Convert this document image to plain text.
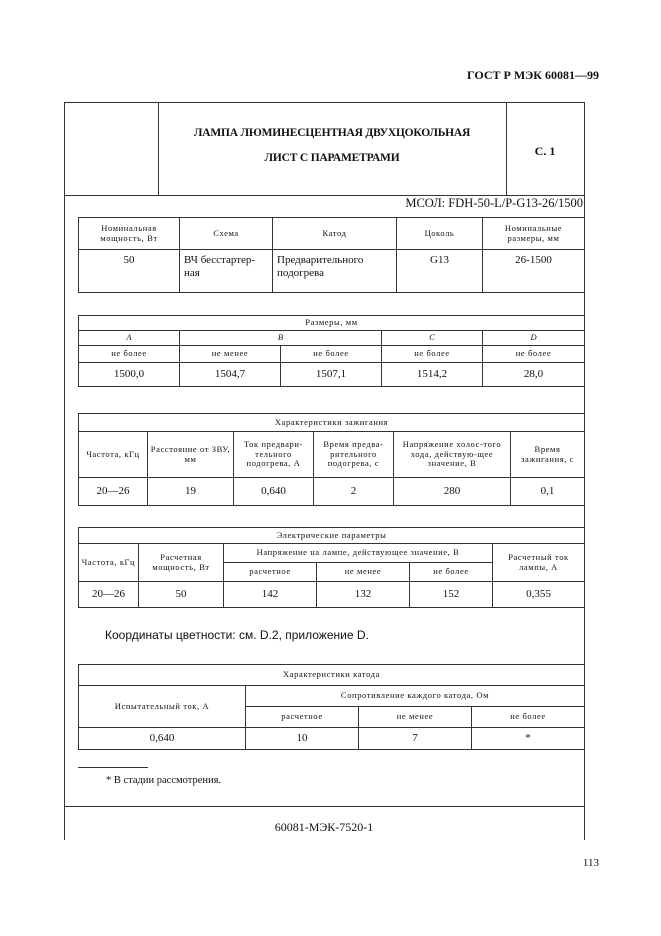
ГОСТ Р МЭК 60081—99
ЛАМПА ЛЮМИНЕСЦЕНТНАЯ ДВУХЦОКОЛЬНАЯ
ЛИСТ С ПАРАМЕТРАМИ	С. 1
МСОЛ: FDH-50-L/P-G13-26/1500
Номинальная мощность, Вт	Схема	Катод	Цоколь	Номинальные размеры, мм
50	ВЧ бесстартер-ная	Предварительного подогрева	G13	26-1500
Размеры, мм				
A	B		C	D
не более	не менее	не более	не более	не более
1500,0	1504,7	1507,1	1514,2	28,0
Характеристики зажигания					
Частота, кГц	Расстояние от ЗВУ, мм	Ток предвари-тельного подогрева, А	Время предва-рительного подогрева, с	Напряжение холос-того хода, действую-щее значение, В	Время зажигания, с
20—26	19	0,640	2	280	0,1
Электрические параметры					
Частота, кГц	Расчетная мощность, Вт	Напряжение на лампе, действующее значение, В			Расчетный ток лампы, А
		расчетное	не менее	не более	
20—26	50	142	132	152	0,355
Координаты цветности: см. D.2, приложение D.
Характеристики катода			
Испытательный ток, А	Сопротивление каждого катода, Ом		
	расчетное	не менее	не более
0,640	10	7	*
* В стадии рассмотрения.
60081-МЭК-7520-1
113
